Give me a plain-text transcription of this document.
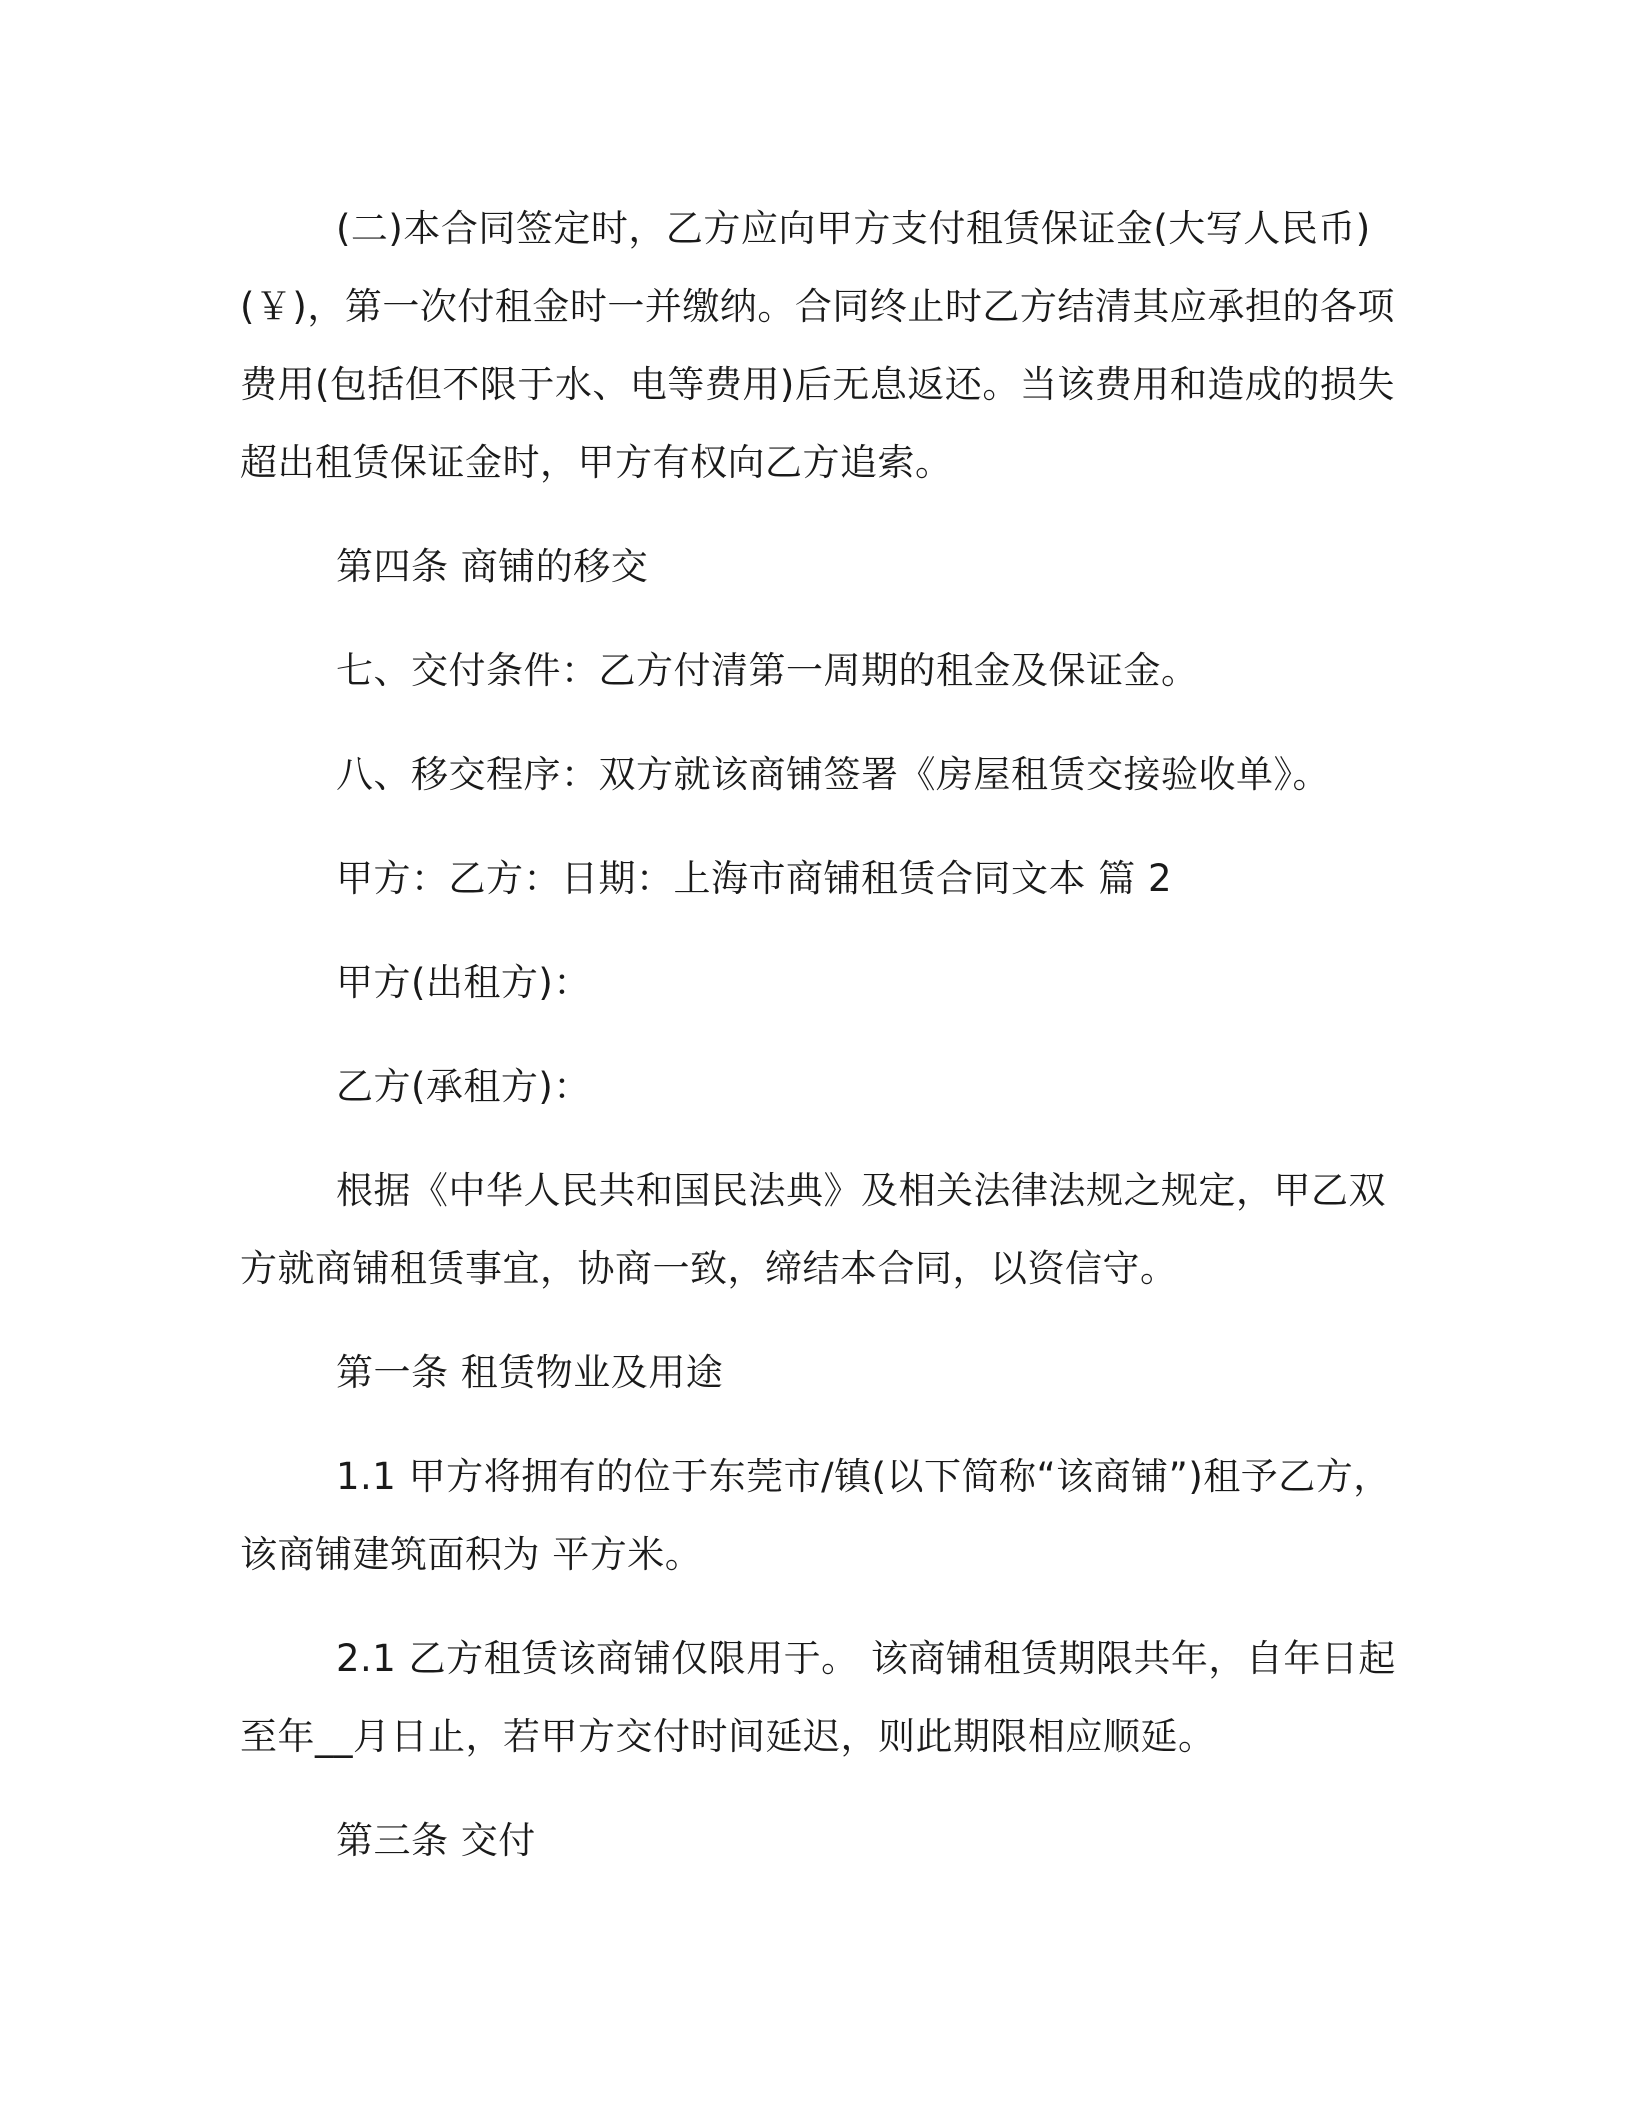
(二)本合同签定时，乙方应向甲方支付租赁保证金(大写人民币)(￥)，第一次付租金时一并缴纳。合同终止时乙方结清其应承担的各项费用(包括但不限于水、电等费用)后无息返还。当该费用和造成的损失超出租赁保证金时，甲方有权向乙方追索。

第四条 商铺的移交

七、交付条件：乙方付清第一周期的租金及保证金。

八、移交程序：双方就该商铺签署《房屋租赁交接验收单》。

甲方：乙方：日期：上海市商铺租赁合同文本 篇 2

甲方(出租方)：

乙方(承租方)：

根据《中华人民共和国民法典》及相关法律法规之规定，甲乙双方就商铺租赁事宜，协商一致，缔结本合同，以资信守。

第一条 租赁物业及用途

1.1 甲方将拥有的位于东莞市/镇(以下简称“该商铺”)租予乙方，该商铺建筑面积为 平方米。

2.1 乙方租赁该商铺仅限用于。 该商铺租赁期限共年，自年日起至年__月日止，若甲方交付时间延迟，则此期限相应顺延。

第三条 交付
